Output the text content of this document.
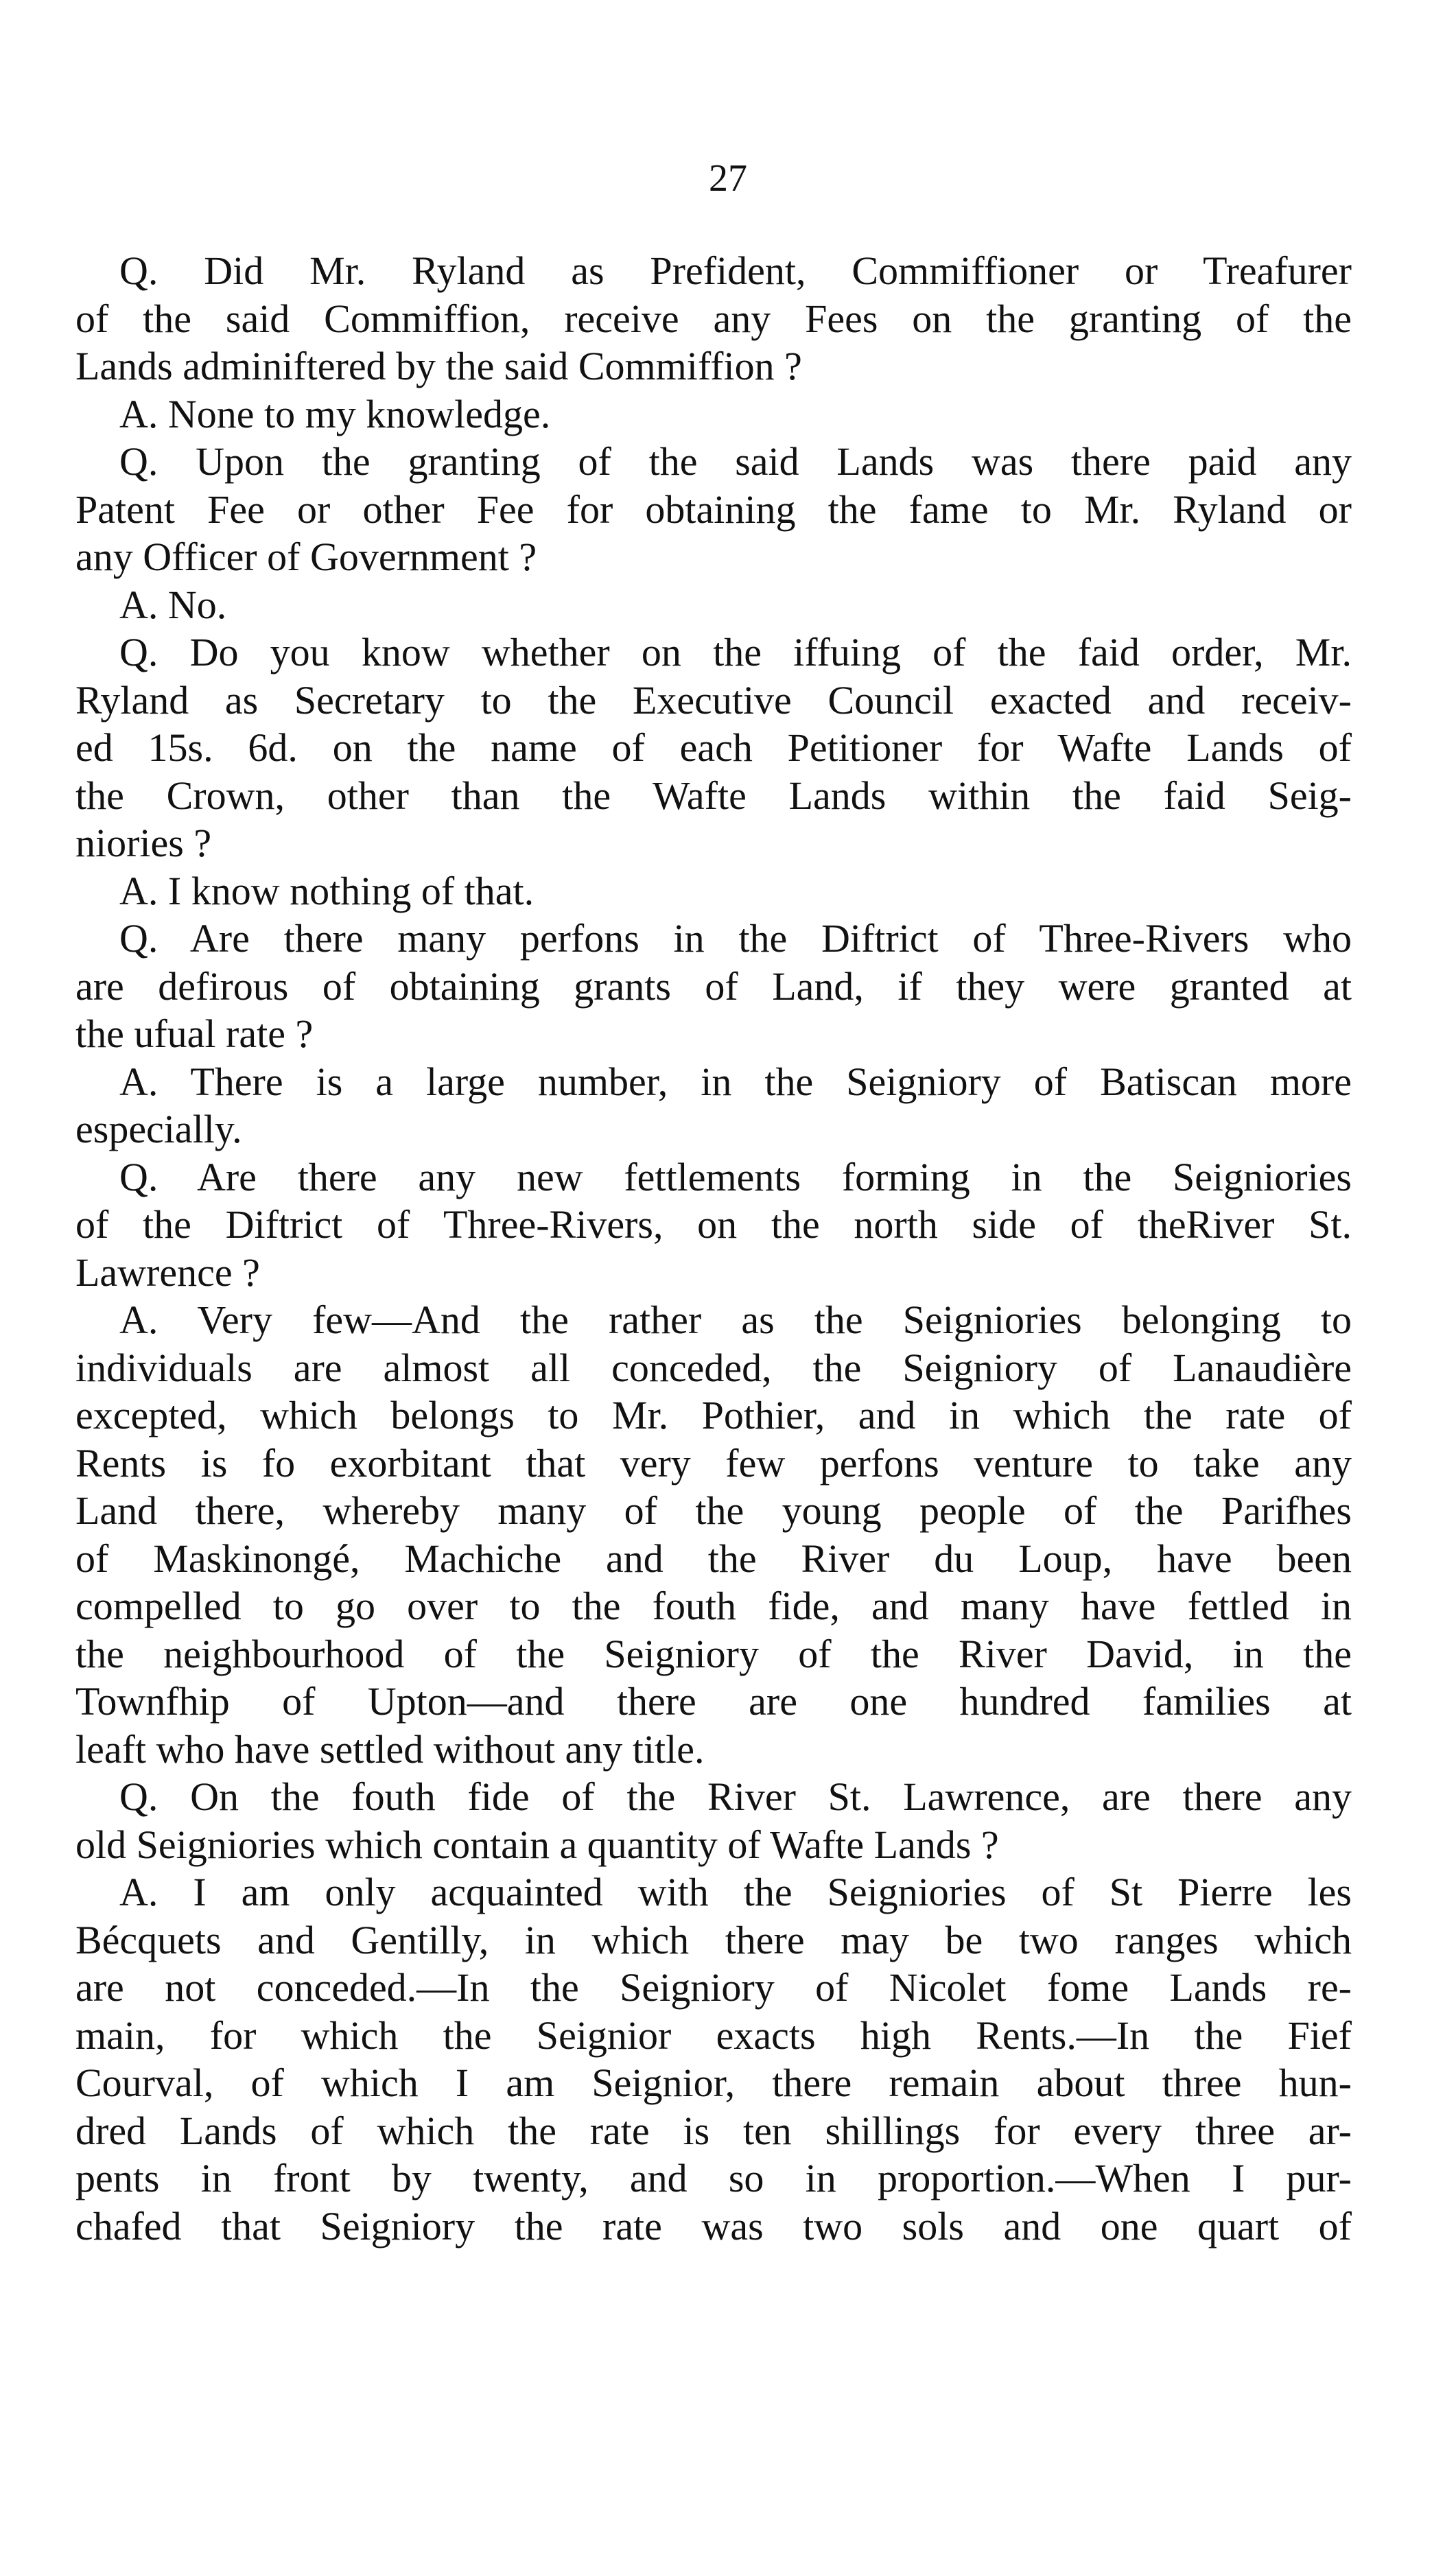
27
Q. Did Mr. Ryland as Prefident, Commiffioner or Treafurer
of the said Commiffion, receive any Fees on the granting of the
Lands adminiftered by the said Commiffion ?
A. None to my knowledge.
Q. Upon the granting of the said Lands was there paid any
Patent Fee or other Fee for obtaining the fame to Mr. Ryland or
any Officer of Government ?
A. No.
Q. Do you know whether on the iffuing of the faid order, Mr.
Ryland as Secretary to the Executive Council exacted and receiv-
ed 15s. 6d. on the name of each Petitioner for Wafte Lands of
the Crown, other than the Wafte Lands within the faid Seig-
niories ?
A. I know nothing of that.
Q. Are there many perfons in the Diftrict of Three-Rivers who
are defirous of obtaining grants of Land, if they were granted at
the ufual rate ?
A. There is a large number, in the Seigniory of Batiscan more
especially.
Q. Are there any new fettlements forming in the Seigniories
of the Diftrict of Three-Rivers, on the north side of theRiver St.
Lawrence ?
A. Very few—And the rather as the Seigniories belonging to
individuals are almost all conceded, the Seigniory of Lanaudière
excepted, which belongs to Mr. Pothier, and in which the rate of
Rents is fo exorbitant that very few perfons venture to take any
Land there, whereby many of the young people of the Parifhes
of Maskinongé, Machiche and the River du Loup, have been
compelled to go over to the fouth fide, and many have fettled in
the neighbourhood of the Seigniory of the River David, in the
Townfhip of Upton—and there are one hundred families at
leaft who have settled without any title.
Q. On the fouth fide of the River St. Lawrence, are there any
old Seigniories which contain a quantity of Wafte Lands ?
A. I am only acquainted with the Seigniories of St Pierre les
Bécquets and Gentilly, in which there may be two ranges which
are not conceded.—In the Seigniory of Nicolet fome Lands re-
main, for which the Seignior exacts high Rents.—In the Fief
Courval, of which I am Seignior, there remain about three hun-
dred Lands of which the rate is ten shillings for every three ar-
pents in front by twenty, and so in proportion.—When I pur-
chafed that Seigniory the rate was two sols and one quart of
